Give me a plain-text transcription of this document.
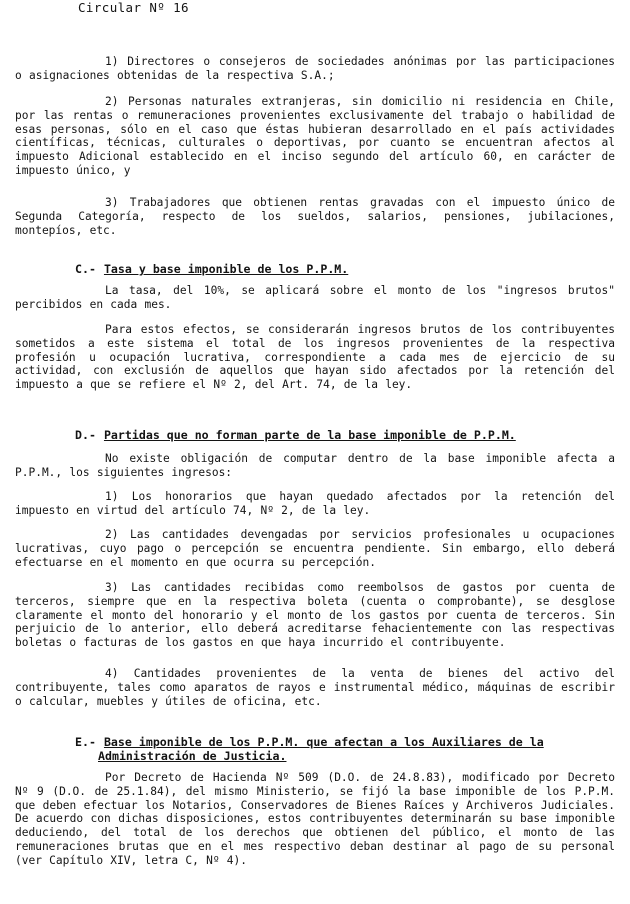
Circular Nº 16
1) Directores o consejeros de sociedades anónimas por las participaciones o asignaciones obtenidas de la respectiva S.A.;
2) Personas naturales extranjeras, sin domicilio ni residencia en Chile, por las rentas o remuneraciones provenientes exclusivamente del trabajo o habilidad de esas personas, sólo en el caso que éstas hubieran desarrollado en el país actividades científicas, técnicas, culturales o deportivas, por cuanto se encuentran afectos al impuesto Adicional establecido en el inciso segundo del artículo 60, en carácter de impuesto único, y
3) Trabajadores que obtienen rentas gravadas con el impuesto único de Segunda Categoría, respecto de los sueldos, salarios, pensiones, jubilaciones, montepíos, etc.
C.- Tasa y base imponible de los P.P.M.
La tasa, del 10%, se aplicará sobre el monto de los "ingresos brutos" percibidos en cada mes.
Para estos efectos, se considerarán ingresos brutos de los contribuyentes sometidos a este sistema el total de los ingresos provenientes de la respectiva profesión u ocupación lucrativa, correspondiente a cada mes de ejercicio de su actividad, con exclusión de aquellos que hayan sido afectados por la retención del impuesto a que se refiere el Nº 2, del Art. 74, de la ley.
D.- Partidas que no forman parte de la base imponible de P.P.M.
No existe obligación de computar dentro de la base imponible afecta a P.P.M., los siguientes ingresos:
1) Los honorarios que hayan quedado afectados por la retención del impuesto en virtud del artículo 74, Nº 2, de la ley.
2) Las cantidades devengadas por servicios profesionales u ocupaciones lucrativas, cuyo pago o percepción se encuentra pendiente. Sin embargo, ello deberá efectuarse en el momento en que ocurra su percepción.
3) Las cantidades recibidas como reembolsos de gastos por cuenta de terceros, siempre que en la respectiva boleta (cuenta o comprobante), se desglose claramente el monto del honorario y el monto de los gastos por cuenta de terceros. Sin perjuicio de lo anterior, ello deberá acreditarse fehacientemente con las respectivas boletas o facturas de los gastos en que haya incurrido el contribuyente.
4) Cantidades provenientes de la venta de bienes del activo del contribuyente, tales como aparatos de rayos e instrumental médico, máquinas de escribir o calcular, muebles y útiles de oficina, etc.
E.- Base imponible de los P.P.M. que afectan a los Auxiliares de la
Administración de Justicia.
Por Decreto de Hacienda Nº 509 (D.O. de 24.8.83), modificado por Decreto Nº 9 (D.O. de 25.1.84), del mismo Ministerio, se fijó la base imponible de los P.P.M. que deben efectuar los Notarios, Conservadores de Bienes Raíces y Archiveros Judiciales. De acuerdo con dichas disposiciones, estos contribuyentes determinarán su base imponible deduciendo, del total de los derechos que obtienen del público, el monto de las remuneraciones brutas que en el mes respectivo deban destinar al pago de su personal (ver Capítulo XIV, letra C, Nº 4).
